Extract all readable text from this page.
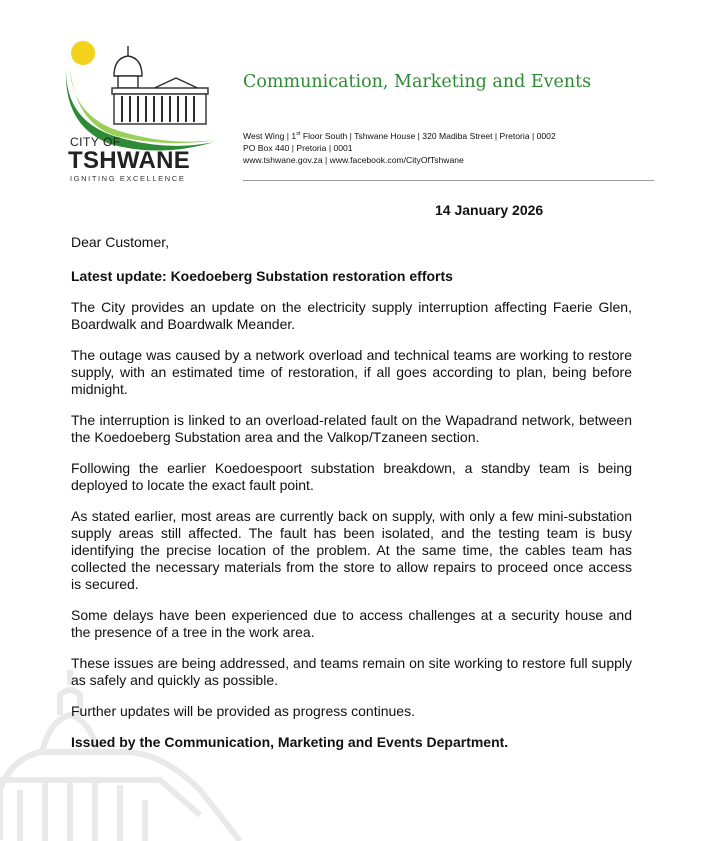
CITY OF
TSHWANE
IGNITING EXCELLENCE
Communication, Marketing and Events
West Wing | 1st Floor South | Tshwane House | 320 Madiba Street | Pretoria | 0002
PO Box 440 | Pretoria | 0001
www.tshwane.gov.za | www.facebook.com/CityOfTshwane
14 January 2026

Dear Customer,

Latest update: Koedoeberg Substation restoration efforts

The City provides an update on the electricity supply interruption affecting Faerie Glen, Boardwalk and Boardwalk Meander.

The outage was caused by a network overload and technical teams are working to restore supply, with an estimated time of restoration, if all goes according to plan, being before midnight.

The interruption is linked to an overload-related fault on the Wapadrand network, between the Koedoeberg Substation area and the Valkop/Tzaneen section.

Following the earlier Koedoespoort substation breakdown, a standby team is being deployed to locate the exact fault point.

As stated earlier, most areas are currently back on supply, with only a few mini-substation supply areas still affected. The fault has been isolated, and the testing team is busy identifying the precise location of the problem. At the same time, the cables team has collected the necessary materials from the store to allow repairs to proceed once access is secured.

Some delays have been experienced due to access challenges at a security house and the presence of a tree in the work area.

These issues are being addressed, and teams remain on site working to restore full supply as safely and quickly as possible.

Further updates will be provided as progress continues.

Issued by the Communication, Marketing and Events Department.
